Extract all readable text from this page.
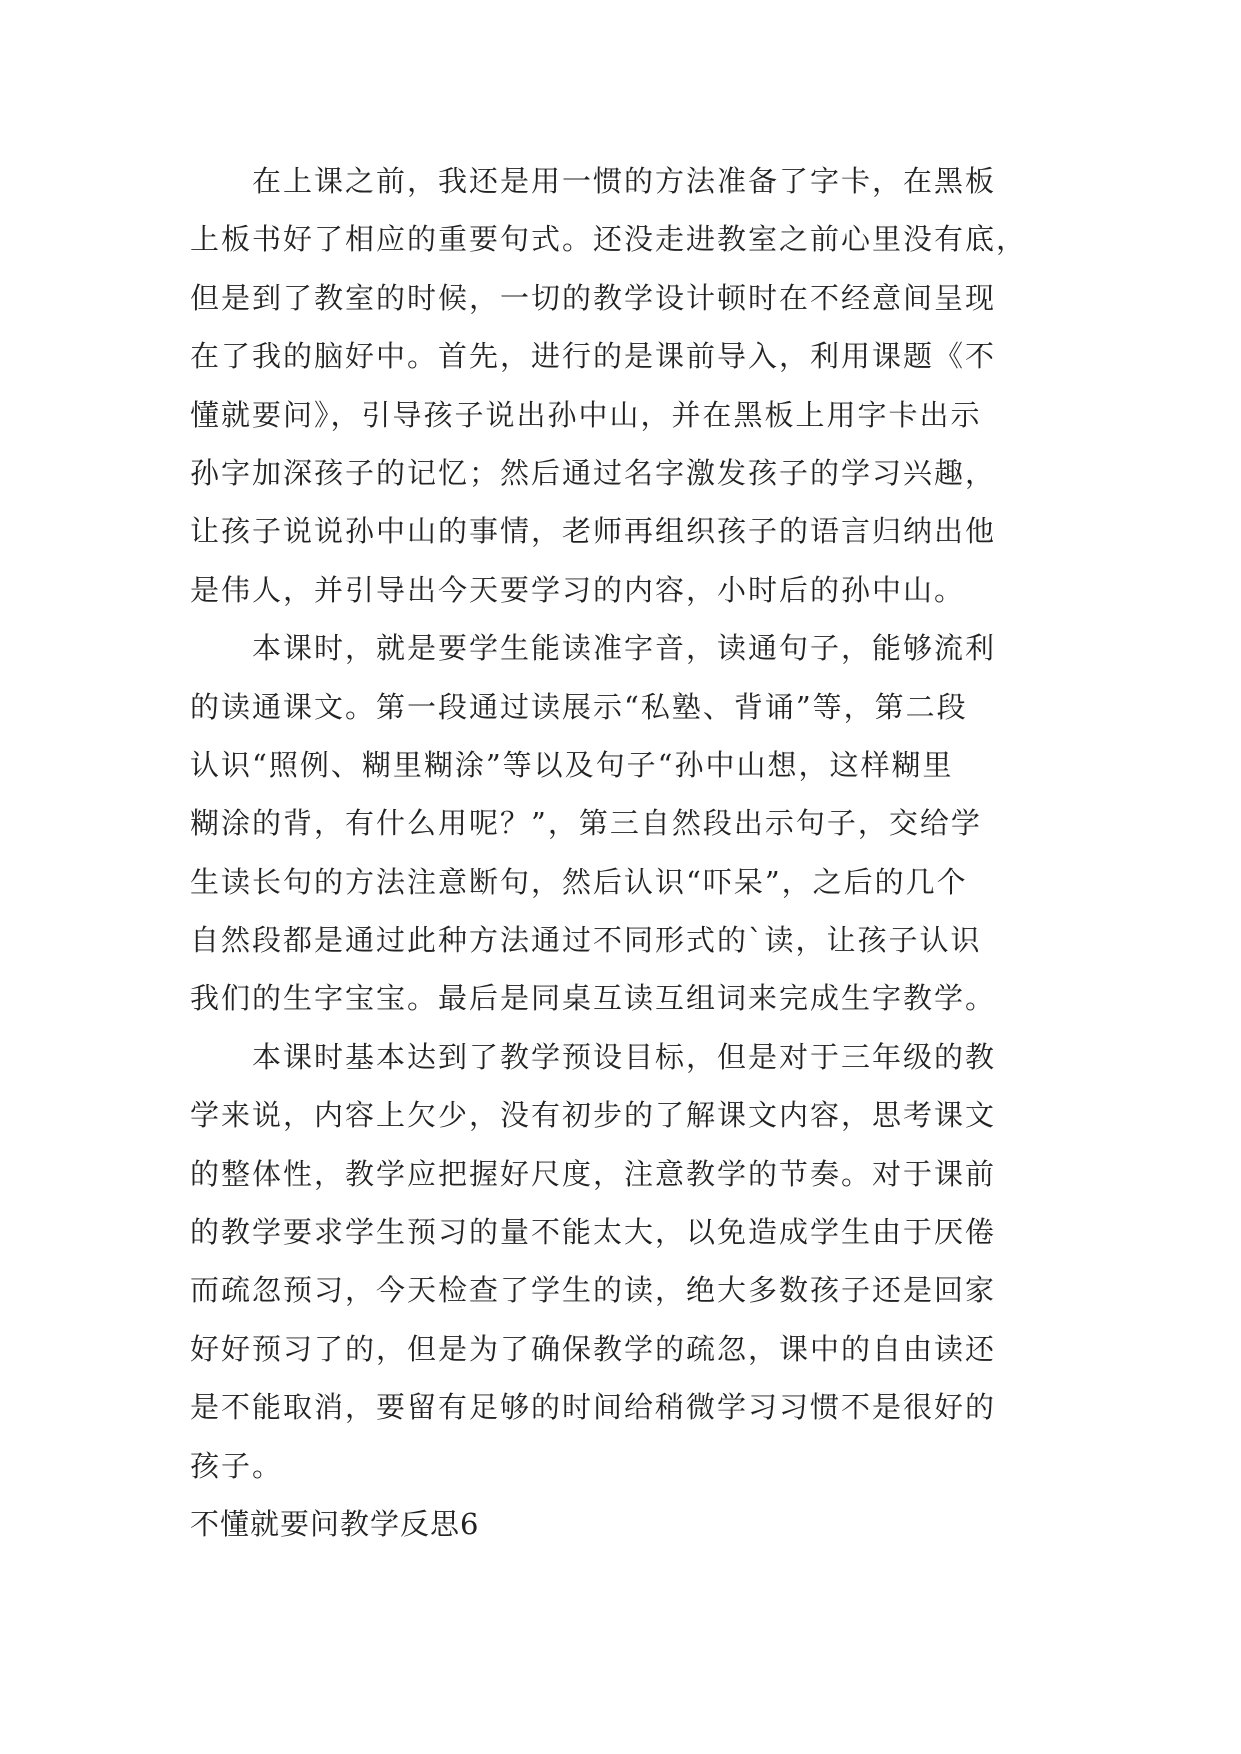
在上课之前，我还是用一惯的方法准备了字卡，在黑板
上板书好了相应的重要句式。还没走进教室之前心里没有底，
但是到了教室的时候，一切的教学设计顿时在不经意间呈现
在了我的脑好中。首先，进行的是课前导入，利用课题《不
懂就要问》，引导孩子说出孙中山，并在黑板上用字卡出示
孙字加深孩子的记忆；然后通过名字激发孩子的学习兴趣，
让孩子说说孙中山的事情，老师再组织孩子的语言归纳出他
是伟人，并引导出今天要学习的内容，小时后的孙中山。
本课时，就是要学生能读准字音，读通句子，能够流利
的读通课文。第一段通过读展示“私塾、背诵”等，第二段
认识“照例、糊里糊涂”等以及句子“孙中山想，这样糊里
糊涂的背，有什么用呢？”，第三自然段出示句子，交给学
生读长句的方法注意断句，然后认识“吓呆”，之后的几个
自然段都是通过此种方法通过不同形式的`读，让孩子认识
我们的生字宝宝。最后是同桌互读互组词来完成生字教学。
本课时基本达到了教学预设目标，但是对于三年级的教
学来说，内容上欠少，没有初步的了解课文内容，思考课文
的整体性，教学应把握好尺度，注意教学的节奏。对于课前
的教学要求学生预习的量不能太大，以免造成学生由于厌倦
而疏忽预习，今天检查了学生的读，绝大多数孩子还是回家
好好预习了的，但是为了确保教学的疏忽，课中的自由读还
是不能取消，要留有足够的时间给稍微学习习惯不是很好的
孩子。
不懂就要问教学反思6
